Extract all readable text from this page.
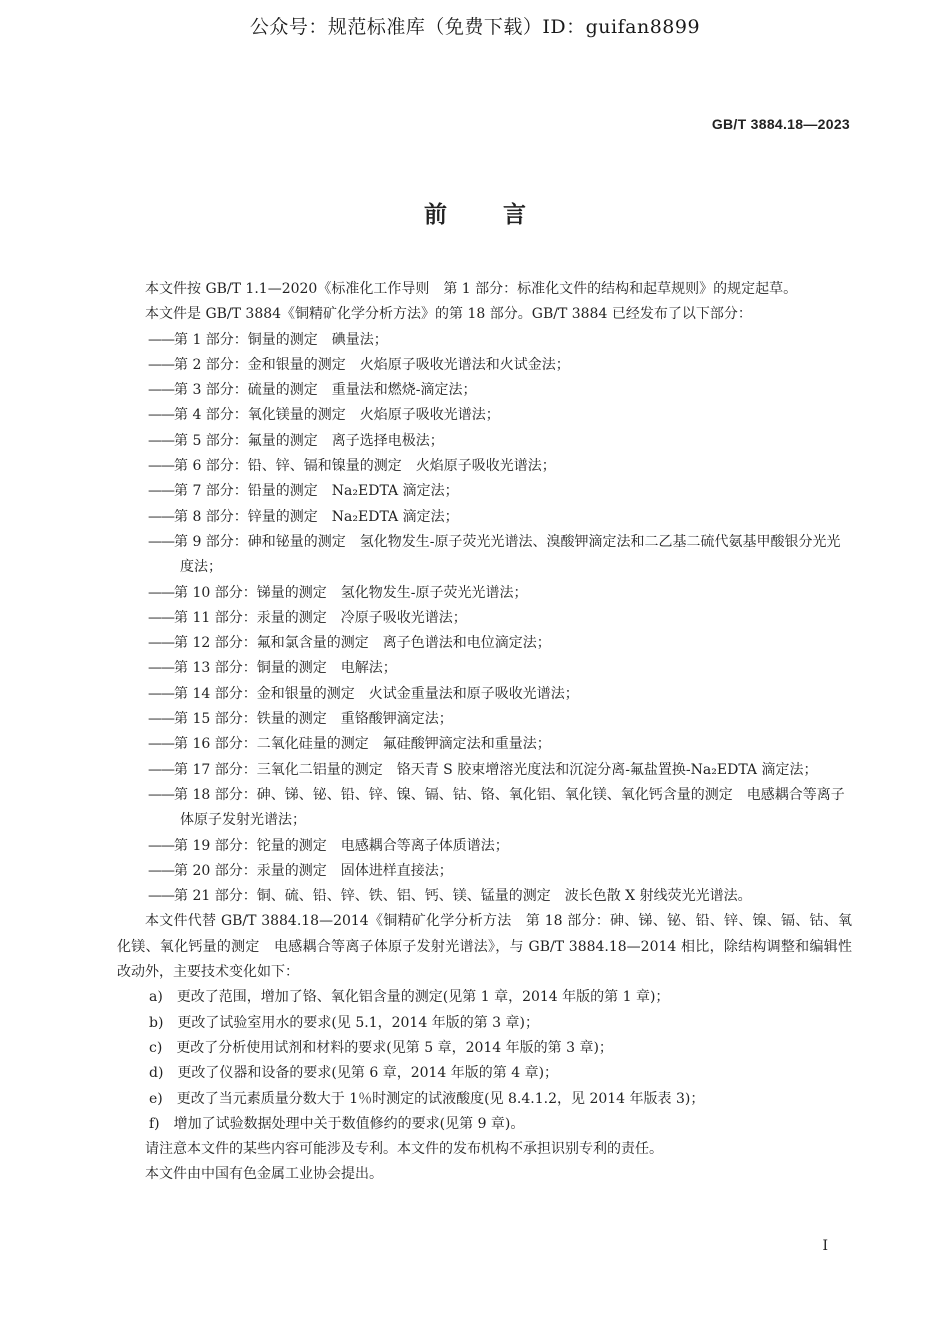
公众号：规范标准库（免费下载）ID：guifan8899
GB/T 3884.18—2023
前言

本文件按 GB/T 1.1—2020《标准化工作导则　第 1 部分：标准化文件的结构和起草规则》的规定起草。

本文件是 GB/T 3884《铜精矿化学分析方法》的第 18 部分。GB/T 3884 已经发布了以下部分：

——第 1 部分：铜量的测定　碘量法；

——第 2 部分：金和银量的测定　火焰原子吸收光谱法和火试金法；

——第 3 部分：硫量的测定　重量法和燃烧-滴定法；

——第 4 部分：氧化镁量的测定　火焰原子吸收光谱法；

——第 5 部分：氟量的测定　离子选择电极法；

——第 6 部分：铅、锌、镉和镍量的测定　火焰原子吸收光谱法；

——第 7 部分：铅量的测定　Na₂EDTA 滴定法；

——第 8 部分：锌量的测定　Na₂EDTA 滴定法；

——第 9 部分：砷和铋量的测定　氢化物发生-原子荧光光谱法、溴酸钾滴定法和二乙基二硫代氨基甲酸银分光光度法；

——第 10 部分：锑量的测定　氢化物发生-原子荧光光谱法；

——第 11 部分：汞量的测定　冷原子吸收光谱法；

——第 12 部分：氟和氯含量的测定　离子色谱法和电位滴定法；

——第 13 部分：铜量的测定　电解法；

——第 14 部分：金和银量的测定　火试金重量法和原子吸收光谱法；

——第 15 部分：铁量的测定　重铬酸钾滴定法；

——第 16 部分：二氧化硅量的测定　氟硅酸钾滴定法和重量法；

——第 17 部分：三氧化二铝量的测定　铬天青 S 胶束增溶光度法和沉淀分离-氟盐置换-Na₂EDTA 滴定法；

——第 18 部分：砷、锑、铋、铅、锌、镍、镉、钴、铬、氧化铝、氧化镁、氧化钙含量的测定　电感耦合等离子体原子发射光谱法；

——第 19 部分：铊量的测定　电感耦合等离子体质谱法；

——第 20 部分：汞量的测定　固体进样直接法；

——第 21 部分：铜、硫、铅、锌、铁、铝、钙、镁、锰量的测定　波长色散 X 射线荧光光谱法。

本文件代替 GB/T 3884.18—2014《铜精矿化学分析方法　第 18 部分：砷、锑、铋、铅、锌、镍、镉、钴、氧化镁、氧化钙量的测定　电感耦合等离子体原子发射光谱法》，与 GB/T 3884.18—2014 相比，除结构调整和编辑性改动外，主要技术变化如下：

a)　 更改了范围，增加了铬、氧化铝含量的测定(见第 1 章，2014 年版的第 1 章)；

b)　 更改了试验室用水的要求(见 5.1，2014 年版的第 3 章)；

c)　 更改了分析使用试剂和材料的要求(见第 5 章，2014 年版的第 3 章)；

d)　 更改了仪器和设备的要求(见第 6 章，2014 年版的第 4 章)；

e)　 更改了当元素质量分数大于 1％时测定的试液酸度(见 8.4.1.2，见 2014 年版表 3)；

f)　 增加了试验数据处理中关于数值修约的要求(见第 9 章)。

请注意本文件的某些内容可能涉及专利。本文件的发布机构不承担识别专利的责任。

本文件由中国有色金属工业协会提出。

I
